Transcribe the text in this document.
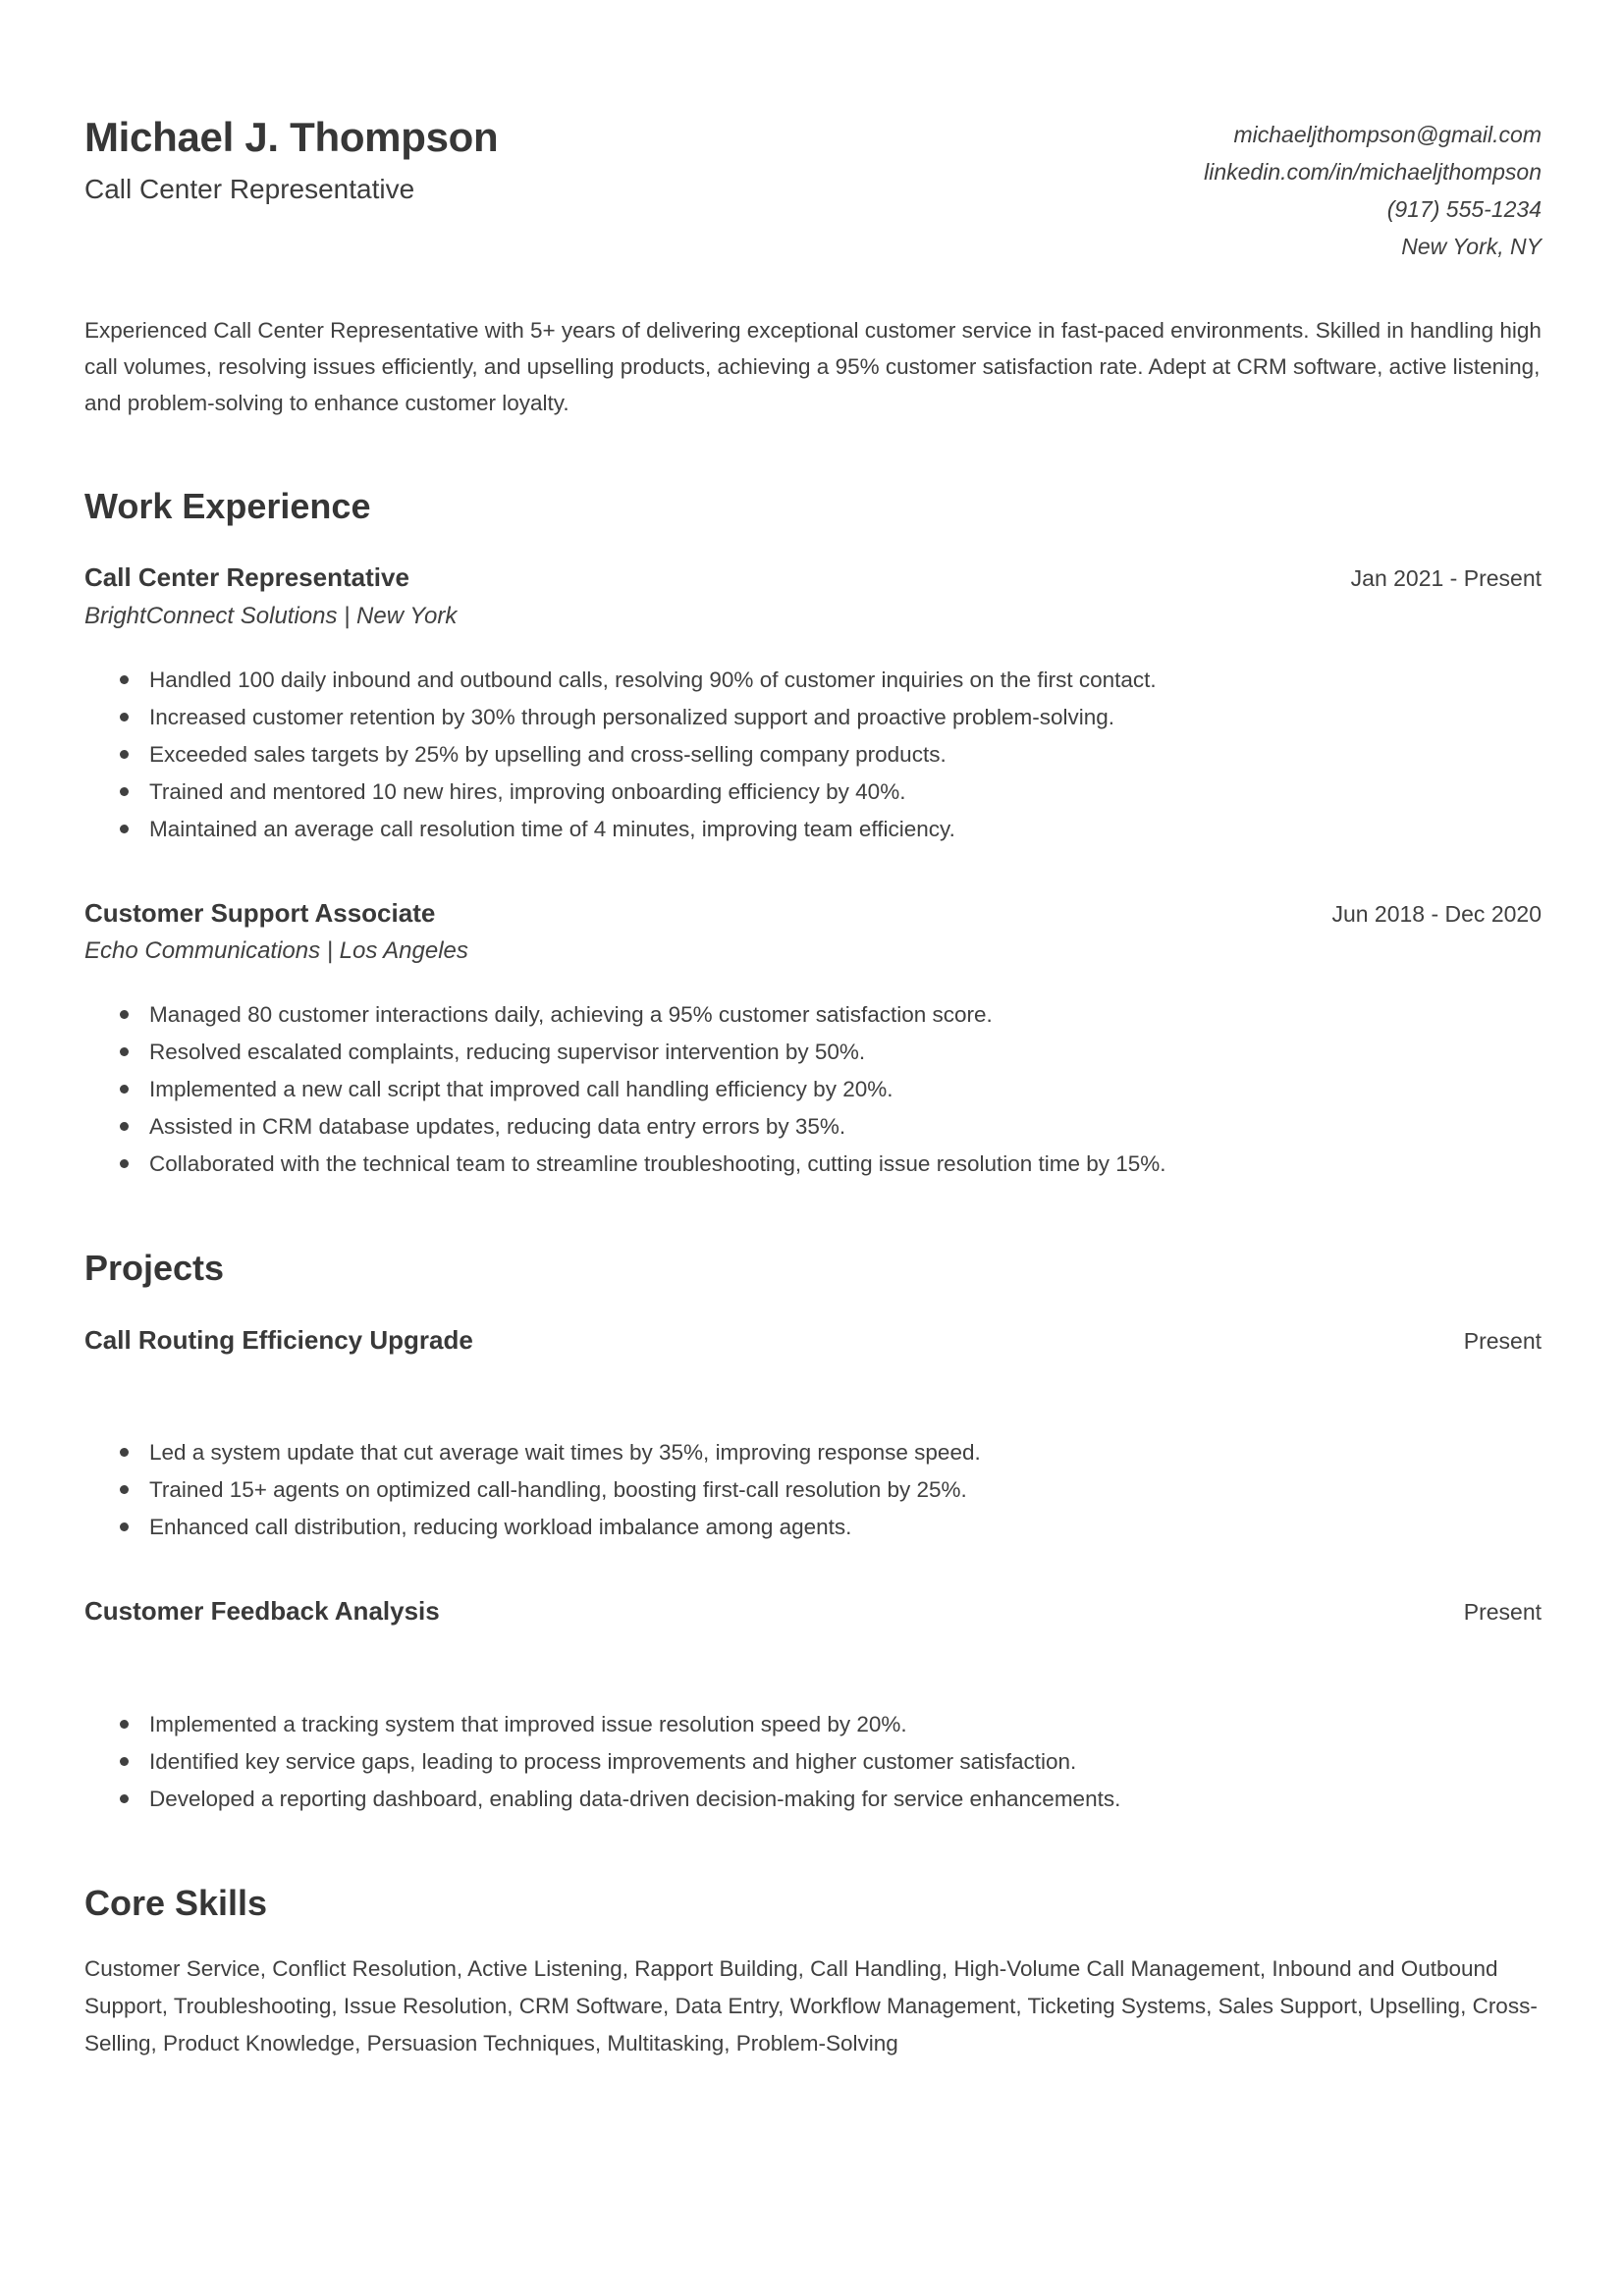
Michael J. Thompson
Call Center Representative
michaeljthompson@gmail.com
linkedin.com/in/michaeljthompson
(917) 555-1234
New York, NY

Experienced Call Center Representative with 5+ years of delivering exceptional customer service in fast-paced environments. Skilled in handling high call volumes, resolving issues efficiently, and upselling products, achieving a 95% customer satisfaction rate. Adept at CRM software, active listening, and problem-solving to enhance customer loyalty.

Work Experience
Call Center Representative	Jan 2021 - Present
BrightConnect Solutions | New York
Handled 100 daily inbound and outbound calls, resolving 90% of customer inquiries on the first contact.
Increased customer retention by 30% through personalized support and proactive problem-solving.
Exceeded sales targets by 25% by upselling and cross-selling company products.
Trained and mentored 10 new hires, improving onboarding efficiency by 40%.
Maintained an average call resolution time of 4 minutes, improving team efficiency.
Customer Support Associate	Jun 2018 - Dec 2020
Echo Communications | Los Angeles
Managed 80 customer interactions daily, achieving a 95% customer satisfaction score.
Resolved escalated complaints, reducing supervisor intervention by 50%.
Implemented a new call script that improved call handling efficiency by 20%.
Assisted in CRM database updates, reducing data entry errors by 35%.
Collaborated with the technical team to streamline troubleshooting, cutting issue resolution time by 15%.
Projects
Call Routing Efficiency Upgrade	Present
Led a system update that cut average wait times by 35%, improving response speed.
Trained 15+ agents on optimized call-handling, boosting first-call resolution by 25%.
Enhanced call distribution, reducing workload imbalance among agents.
Customer Feedback Analysis	Present
Implemented a tracking system that improved issue resolution speed by 20%.
Identified key service gaps, leading to process improvements and higher customer satisfaction.
Developed a reporting dashboard, enabling data-driven decision-making for service enhancements.
Core Skills

Customer Service, Conflict Resolution, Active Listening, Rapport Building, Call Handling, High-Volume Call Management, Inbound and Outbound Support, Troubleshooting, Issue Resolution, CRM Software, Data Entry, Workflow Management, Ticketing Systems, Sales Support, Upselling, Cross-Selling, Product Knowledge, Persuasion Techniques, Multitasking, Problem-Solving
